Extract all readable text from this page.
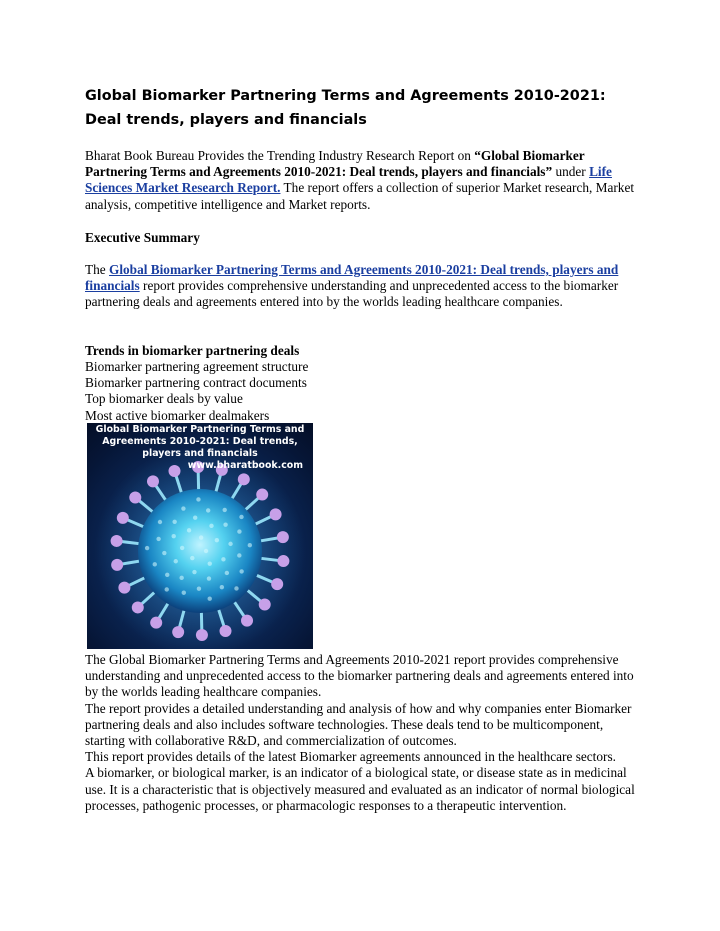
Global Biomarker Partnering Terms and Agreements 2010-2021: Deal trends, players and financials

Bharat Book Bureau Provides the Trending Industry Research Report on “Global Biomarker Partnering Terms and Agreements 2010-2021: Deal trends, players and financials” under Life Sciences Market Research Report. The report offers a collection of superior Market research, Market analysis, competitive intelligence and Market reports.

Executive Summary

The Global Biomarker Partnering Terms and Agreements 2010-2021: Deal trends, players and financials report provides comprehensive understanding and unprecedented access to the biomarker partnering deals and agreements entered into by the worlds leading healthcare companies.

Trends in biomarker partnering deals

Biomarker partnering agreement structure
Biomarker partnering contract documents
Top biomarker deals by value
Most active biomarker dealmakers

Global Biomarker Partnering Terms and Agreements 2010-2021: Deal trends, players and financials

www.bharatbook.com

The Global Biomarker Partnering Terms and Agreements 2010-2021 report provides comprehensive understanding and unprecedented access to the biomarker partnering deals and agreements entered into by the worlds leading healthcare companies.
The report provides a detailed understanding and analysis of how and why companies enter Biomarker partnering deals and also includes software technologies. These deals tend to be multicomponent, starting with collaborative R&D, and commercialization of outcomes.
This report provides details of the latest Biomarker agreements announced in the healthcare sectors.
A biomarker, or biological marker, is an indicator of a biological state, or disease state as in medicinal use. It is a characteristic that is objectively measured and evaluated as an indicator of normal biological processes, pathogenic processes, or pharmacologic responses to a therapeutic intervention.
